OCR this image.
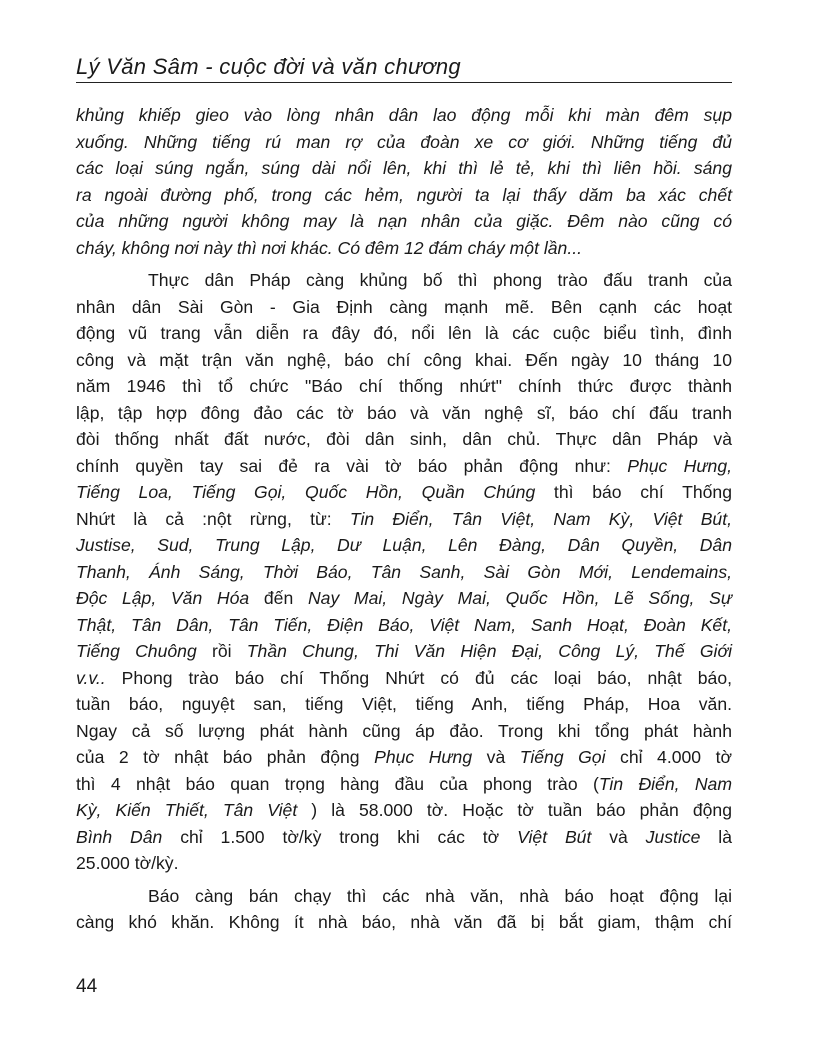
Lý Văn Sâm - cuộc đời và văn chương

khủng khiếp gieo vào lòng nhân dân lao động mỗi khi màn đêm sụp
xuống. Những tiếng rú man rợ của đoàn xe cơ giới. Những tiếng đủ
các loại súng ngắn, súng dài nổi lên, khi thì lẻ tẻ, khi thì liên hồi. sáng
ra ngoài đường phố, trong các hẻm, người ta lại thấy dăm ba xác chết
của những người không may là nạn nhân của giặc. Đêm nào cũng có
cháy, không nơi này thì nơi khác. Có đêm 12 đám cháy một lần...

Thực dân Pháp càng khủng bố thì phong trào đấu tranh của
nhân dân Sài Gòn - Gia Định càng mạnh mẽ. Bên cạnh các hoạt
động vũ trang vẫn diễn ra đây đó, nổi lên là các cuộc biểu tình, đình
công và mặt trận văn nghệ, báo chí công khai. Đến ngày 10 tháng 10
năm 1946 thì tổ chức "Báo chí thống nhứt" chính thức được thành
lập, tập hợp đông đảo các tờ báo và văn nghệ sĩ, báo chí đấu tranh
đòi thống nhất đất nước, đòi dân sinh, dân chủ. Thực dân Pháp và
chính quyền tay sai đẻ ra vài tờ báo phản động như: Phục Hưng,
Tiếng Loa, Tiếng Gọi, Quốc Hồn, Quần Chúng thì báo chí Thống
Nhứt là cả :nột rừng, từ: Tin Điển, Tân Việt, Nam Kỳ, Việt Bút,
Justise, Sud, Trung Lập, Dư Luận, Lên Đàng, Dân Quyền, Dân
Thanh, Ánh Sáng, Thời Báo, Tân Sanh, Sài Gòn Mới, Lendemains,
Độc Lập, Văn Hóa đến Nay Mai, Ngày Mai, Quốc Hồn, Lẽ Sống, Sự
Thật, Tân Dân, Tân Tiến, Điện Báo, Việt Nam, Sanh Hoạt, Đoàn Kết,
Tiếng Chuông rồi Thần Chung, Thi Văn Hiện Đại, Công Lý, Thế Giới
v.v.. Phong trào báo chí Thống Nhứt có đủ các loại báo, nhật báo,
tuần báo, nguyệt san, tiếng Việt, tiếng Anh, tiếng Pháp, Hoa văn.
Ngay cả số lượng phát hành cũng áp đảo. Trong khi tổng phát hành
của 2 tờ nhật báo phản động Phục Hưng và Tiếng Gọi chỉ 4.000 tờ
thì 4 nhật báo quan trọng hàng đầu của phong trào (Tin Điển, Nam
Kỳ, Kiến Thiết, Tân Việt ) là 58.000 tờ. Hoặc tờ tuần báo phản động
Bình Dân chỉ 1.500 tờ/kỳ trong khi các tờ Việt Bút và Justice là
25.000 tờ/kỳ.

Báo càng bán chạy thì các nhà văn, nhà báo hoạt động lại
càng khó khăn. Không ít nhà báo, nhà văn đã bị bắt giam, thậm chí

44
